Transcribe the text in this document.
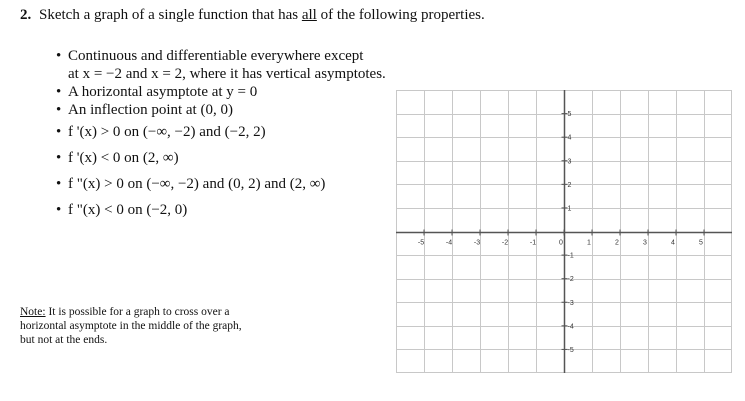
2. Sketch a graph of a single function that has all of the following properties.
• Continuous and differentiable everywhere except
at x = −2 and x = 2, where it has vertical asymptotes.
• A horizontal asymptote at y = 0
• An inflection point at (0, 0)
• f '(x) > 0 on (−∞, −2) and (−2, 2)
• f '(x) < 0 on (2, ∞)
• f "(x) > 0 on (−∞, −2) and (0, 2) and (2, ∞)
• f "(x) < 0 on (−2, 0)
Note: It is possible for a graph to cross over a
horizontal asymptote in the middle of the graph,
but not at the ends.
-5	-4	-3	-2	-1	0	1	2	3	4	5
5
4
3
2
1
-1
-2
-3
-4
-5
